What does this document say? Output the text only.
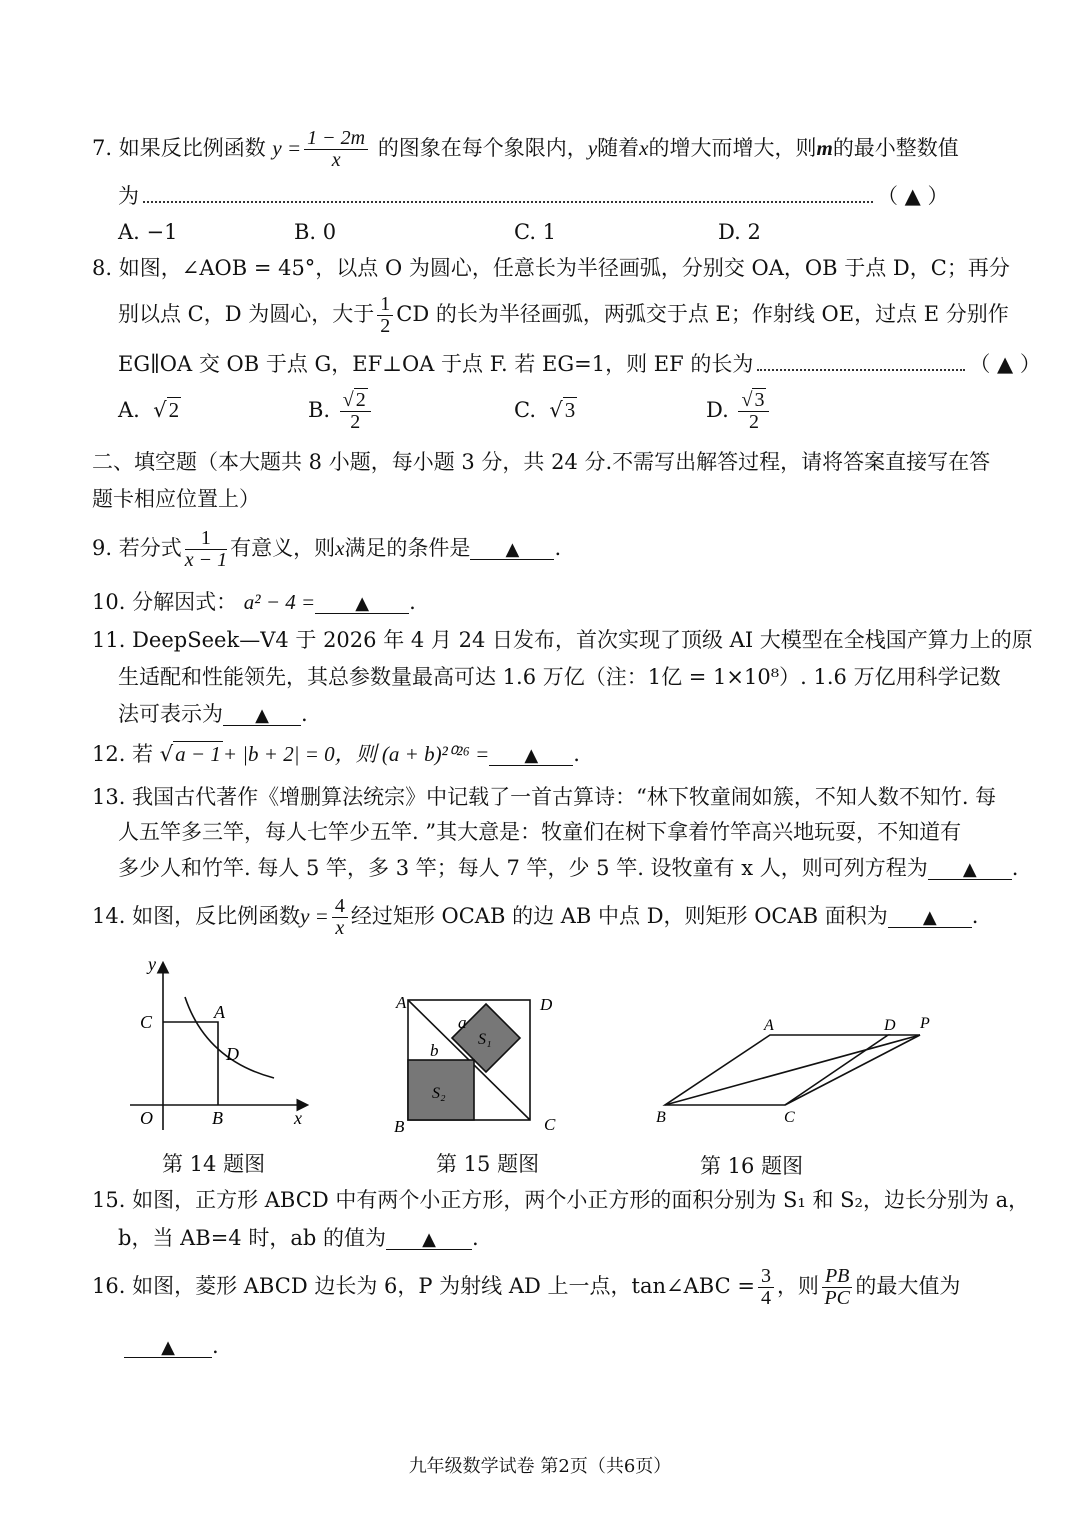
7. 如果反比例函数 $y = \frac{1 - 2m}{x}$ 的图象在每个象限内，y随着x的增大而增大，则m的最小整数值
为	（ ▲ ）
A. −1	B. 0	C. 1	D. 2
8. 如图，∠AOB = 45°，以点 O 为圆心，任意长为半径画弧，分别交 OA，OB 于点 D，C；再分
别以点 C，D 为圆心，大于 $\frac{1}{2}$ CD 的长为半径画弧，两弧交于点 E；作射线 OE，过点 E 分别作
EG∥OA 交 OB 于点 G，EF⊥OA 于点 F. 若 EG=1，则 EF 的长为	（ ▲ ）
A. √2	B. $\frac{√ 2}{2}$	C. √3	D. $\frac{√ 3}{2}$
二、填空题（本大题共 8 小题，每小题 3 分，共 24 分.不需写出解答过程，请将答案直接写在答
题卡相应位置上）
9. 若分式 $\frac{1}{x - 1}$ 有意义，则x满足的条件是 ▲ .
10. 分解因式： a² − 4 = ▲ .
11. DeepSeek—V4 于 2026 年 4 月 24 日发布，首次实现了顶级 AI 大模型在全栈国产算力上的原
生适配和性能领先，其总参数量最高可达 1.6 万亿（注：1亿 = 1×10⁸）. 1.6 万亿用科学记数
法可表示为 ▲ .
12. 若 √a − 1+ |b + 2| = 0，则 (a + b)²⁰²⁶ = ▲ .
13. 我国古代著作《增删算法统宗》中记载了一首古算诗：“林下牧童闹如簇，不知人数不知竹. 每
人五竿多三竿，每人七竿少五竿. ”其大意是：牧童们在树下拿着竹竿高兴地玩耍，不知道有
多少人和竹竿. 每人 5 竿，多 3 竿；每人 7 竿，少 5 竿. 设牧童有 x 人，则可列方程为 ▲ .
14. 如图，反比例函数$y = \frac{4}{x}$ 经过矩形 OCAB 的边 AB 中点 D，则矩形 OCAB 面积为 ▲ .
y
x
O
C	A
D
B
第 14 题图
A	D
B	C
a
b
S₁
S₂
第 15 题图
A	D P
B	C
第 16 题图
15. 如图，正方形 ABCD 中有两个小正方形，两个小正方形的面积分别为 S₁ 和 S₂，边长分别为 a，
b，当 AB=4 时，ab 的值为 ▲ .
16. 如图，菱形 ABCD 边长为 6，P 为射线 AD 上一点，tan∠ABC = $\frac{3}{4}$ ，则 $\frac{PB}{PC}$ 的最大值为
▲ .
九年级数学试卷 第2页（共6页）
